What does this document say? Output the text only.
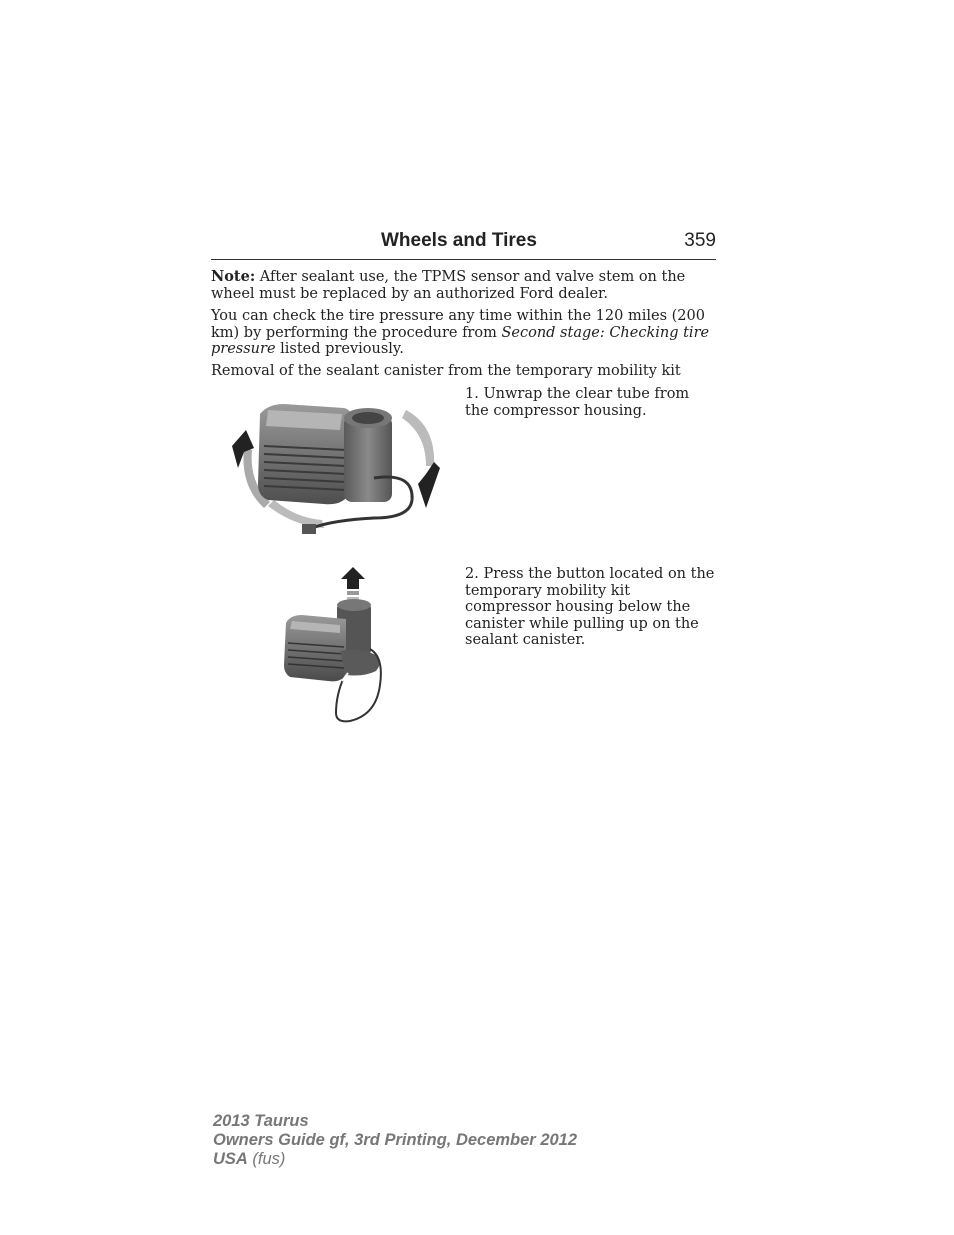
Wheels and Tires	359
Note: After sealant use, the TPMS sensor and valve stem on the wheel must be replaced by an authorized Ford dealer.
You can check the tire pressure any time within the 120 miles (200 km) by performing the procedure from Second stage: Checking tire pressure listed previously.
Removal of the sealant canister from the temporary mobility kit
1. Unwrap the clear tube from the compressor housing.
2. Press the button located on the temporary mobility kit compressor housing below the canister while pulling up on the sealant canister.
2013 Taurus
Owners Guide gf, 3rd Printing, December 2012
USA (fus)
